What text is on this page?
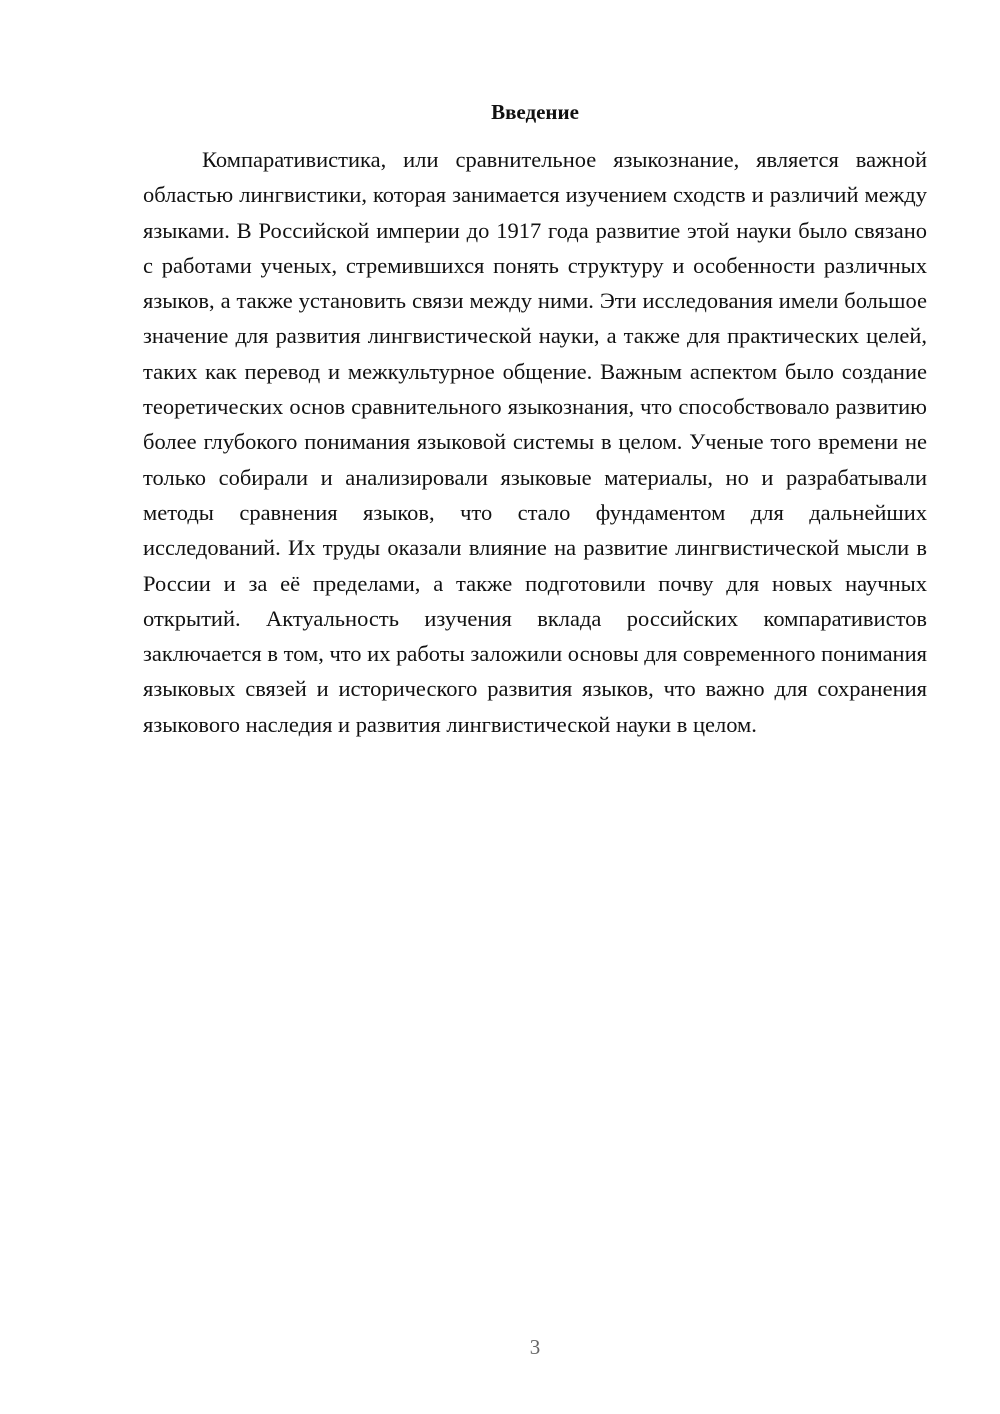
Введение

Компаративистика, или сравнительное языкознание, является важной областью лингвистики, которая занимается изучением сходств и различий между языками. В Российской империи до 1917 года развитие этой науки было связано с работами ученых, стремившихся понять структуру и особенности различных языков, а также установить связи между ними. Эти исследования имели большое значение для развития лингвистической науки, а также для практических целей, таких как перевод и межкультурное общение. Важным аспектом было создание теоретических основ сравнительного языкознания, что способствовало развитию более глубокого понимания языковой системы в целом. Ученые того времени не только собирали и анализировали языковые материалы, но и разрабатывали методы сравнения языков, что стало фундаментом для дальнейших исследований. Их труды оказали влияние на развитие лингвистической мысли в России и за её пределами, а также подготовили почву для новых научных открытий. Актуальность изучения вклада российских компаративистов заключается в том, что их работы заложили основы для современного понимания языковых связей и исторического развития языков, что важно для сохранения языкового наследия и развития лингвистической науки в целом.

3
